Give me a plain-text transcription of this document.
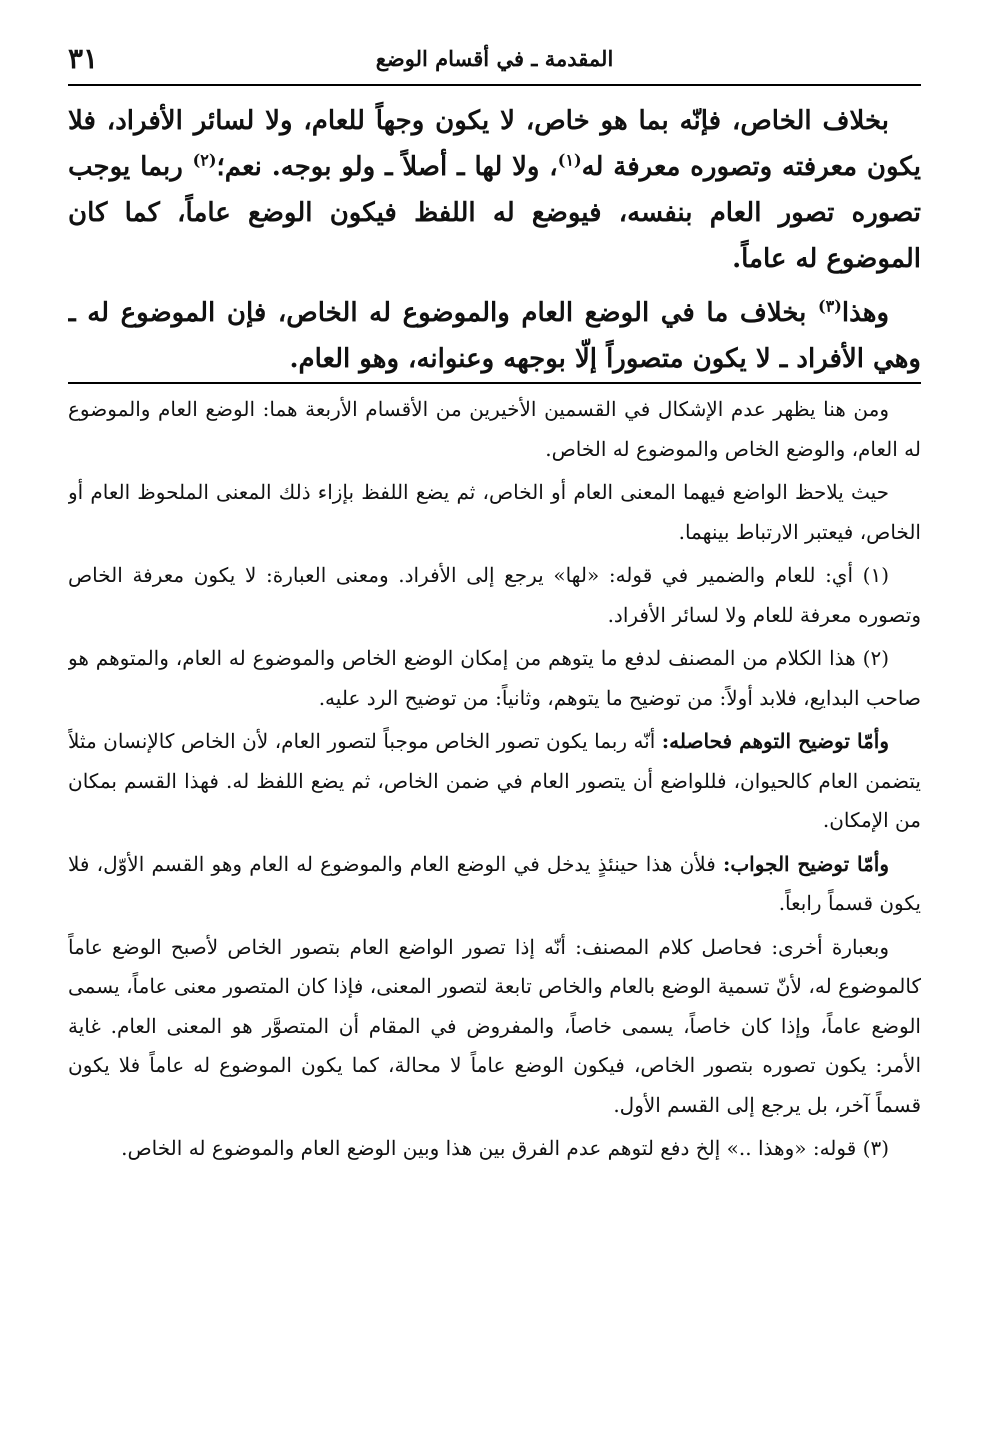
٣١	المقدمة ـ في أقسام الوضع

بخلاف الخاص، فإنّه بما هو خاص، لا يكون وجهاً للعام، ولا لسائر الأفراد، فلا يكون معرفته وتصوره معرفة له$^{(١)}$، ولا لها ـ أصلاً ـ ولو بوجه. نعم؛$^{(٢)}$ ربما يوجب تصوره تصور العام بنفسه، فيوضع له اللفظ فيكون الوضع عاماً، كما كان الموضوع له عاماً.

وهذا$^{(٣)}$ بخلاف ما في الوضع العام والموضوع له الخاص، فإن الموضوع له ـ وهي الأفراد ـ لا يكون متصوراً إلّا بوجهه وعنوانه، وهو العام.

ومن هنا يظهر عدم الإشكال في القسمين الأخيرين من الأقسام الأربعة هما: الوضع العام والموضوع له العام، والوضع الخاص والموضوع له الخاص.

حيث يلاحظ الواضع فيهما المعنى العام أو الخاص، ثم يضع اللفظ بإزاء ذلك المعنى الملحوظ العام أو الخاص، فيعتبر الارتباط بينهما.

(١) أي: للعام والضمير في قوله: «لها» يرجع إلى الأفراد. ومعنى العبارة: لا يكون معرفة الخاص وتصوره معرفة للعام ولا لسائر الأفراد.

(٢) هذا الكلام من المصنف لدفع ما يتوهم من إمكان الوضع الخاص والموضوع له العام، والمتوهم هو صاحب البدايع، فلابد أولاً: من توضيح ما يتوهم، وثانياً: من توضيح الرد عليه.

وأمّا توضيح التوهم فحاصله: أنّه ربما يكون تصور الخاص موجباً لتصور العام، لأن الخاص كالإنسان مثلاً يتضمن العام كالحيوان، فللواضع أن يتصور العام في ضمن الخاص، ثم يضع اللفظ له. فهذا القسم بمكان من الإمكان.

وأمّا توضيح الجواب: فلأن هذا حينئذٍ يدخل في الوضع العام والموضوع له العام وهو القسم الأوّل، فلا يكون قسماً رابعاً.

وبعبارة أخرى: فحاصل كلام المصنف: أنّه إذا تصور الواضع العام بتصور الخاص لأصبح الوضع عاماً كالموضوع له، لأنّ تسمية الوضع بالعام والخاص تابعة لتصور المعنى، فإذا كان المتصور معنى عاماً، يسمى الوضع عاماً، وإذا كان خاصاً، يسمى خاصاً، والمفروض في المقام أن المتصوَّر هو المعنى العام. غاية الأمر: يكون تصوره بتصور الخاص، فيكون الوضع عاماً لا محالة، كما يكون الموضوع له عاماً فلا يكون قسماً آخر، بل يرجع إلى القسم الأول.

(٣) قوله: «وهذا ..» إلخ دفع لتوهم عدم الفرق بين هذا وبين الوضع العام والموضوع له الخاص.
